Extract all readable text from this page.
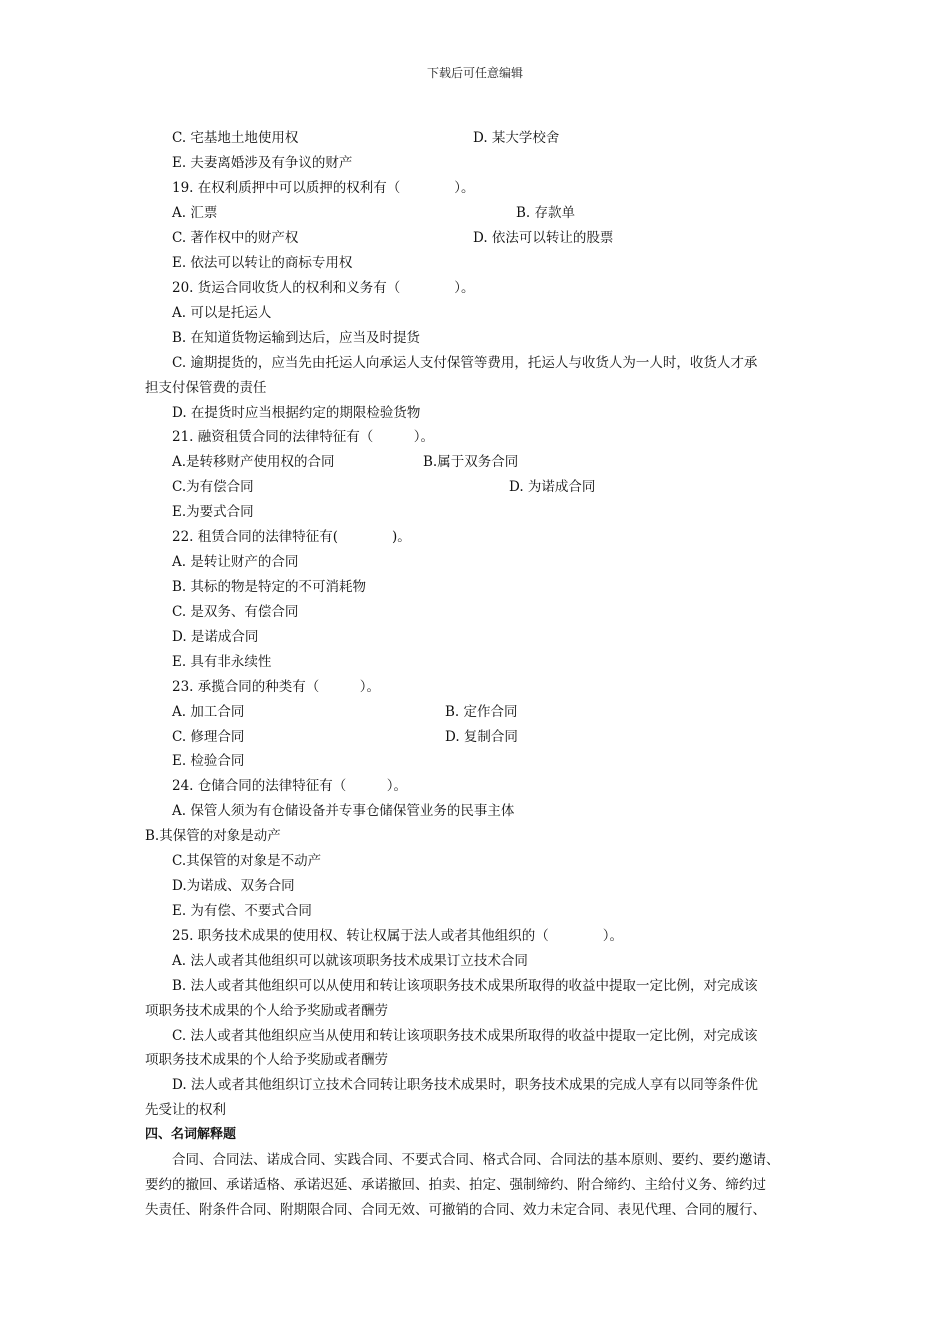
下载后可任意编辑
C. 宅基地土地使用权	D. 某大学校舍
E. 夫妻离婚涉及有争议的财产
19. 在权利质押中可以质押的权利有（　　　　）。
A. 汇票	B. 存款单
C. 著作权中的财产权	D. 依法可以转让的股票
E. 依法可以转让的商标专用权
20. 货运合同收货人的权利和义务有（　　　　）。
A. 可以是托运人
B. 在知道货物运输到达后，应当及时提货
C. 逾期提货的，应当先由托运人向承运人支付保管等费用，托运人与收货人为一人时，收货人才承
担支付保管费的责任
D. 在提货时应当根据约定的期限检验货物
21. 融资租赁合同的法律特征有（　　　）。
A.是转移财产使用权的合同	B.属于双务合同
C.为有偿合同	D. 为诺成合同
E.为要式合同
22. 租赁合同的法律特征有(　　　　)。
A. 是转让财产的合同
B. 其标的物是特定的不可消耗物
C. 是双务、有偿合同
D. 是诺成合同
E. 具有非永续性
23. 承揽合同的种类有（　　　）。
A. 加工合同	B. 定作合同
C. 修理合同	D. 复制合同
E. 检验合同
24. 仓储合同的法律特征有（　　　）。
A. 保管人须为有仓储设备并专事仓储保管业务的民事主体
B.其保管的对象是动产
C.其保管的对象是不动产
D.为诺成、双务合同
E. 为有偿、不要式合同
25. 职务技术成果的使用权、转让权属于法人或者其他组织的（　　　　）。
A. 法人或者其他组织可以就该项职务技术成果订立技术合同
B. 法人或者其他组织可以从使用和转让该项职务技术成果所取得的收益中提取一定比例，对完成该
项职务技术成果的个人给予奖励或者酬劳
C. 法人或者其他组织应当从使用和转让该项职务技术成果所取得的收益中提取一定比例，对完成该
项职务技术成果的个人给予奖励或者酬劳
D. 法人或者其他组织订立技术合同转让职务技术成果时，职务技术成果的完成人享有以同等条件优
先受让的权利
四、名词解释题
合同、合同法、诺成合同、实践合同、不要式合同、格式合同、合同法的基本原则、要约、要约邀请、
要约的撤回、承诺适格、承诺迟延、承诺撤回、拍卖、拍定、强制缔约、附合缔约、主给付义务、缔约过
失责任、附条件合同、附期限合同、合同无效、可撤销的合同、效力未定合同、表见代理、合同的履行、
